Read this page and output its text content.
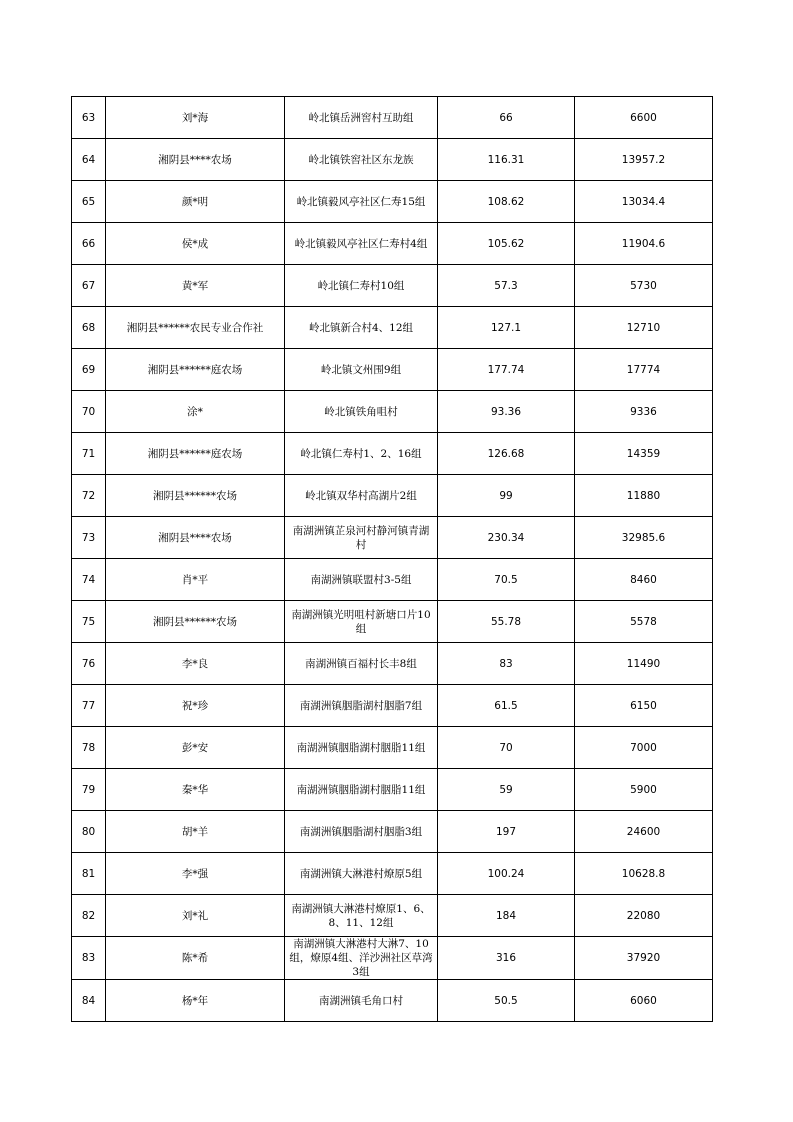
63	刘*海	岭北镇岳洲窖村互助组	66	6600
64	湘阴县****农场	岭北镇铁窖社区东龙族	116.31	13957.2
65	颜*明	岭北镇毅风亭社区仁寿15组	108.62	13034.4
66	侯*成	岭北镇毅风亭社区仁寿村4组	105.62	11904.6
67	黄*军	岭北镇仁寿村10组	57.3	5730
68	湘阴县******农民专业合作社	岭北镇新合村4、12组	127.1	12710
69	湘阴县******庭农场	岭北镇文州围9组	177.74	17774
70	涂*	岭北镇铁角咀村	93.36	9336
71	湘阴县******庭农场	岭北镇仁寿村1、2、16组	126.68	14359
72	湘阴县******农场	岭北镇双华村高湖片2组	99	11880
73	湘阴县****农场	南湖洲镇芷泉河村静河镇青湖村	230.34	32985.6
74	肖*平	南湖洲镇联盟村3-5组	70.5	8460
75	湘阴县******农场	南湖洲镇光明咀村新塘口片10组	55.78	5578
76	李*良	南湖洲镇百福村长丰8组	83	11490
77	祝*珍	南湖洲镇胭脂湖村胭脂7组	61.5	6150
78	彭*安	南湖洲镇胭脂湖村胭脂11组	70	7000
79	秦*华	南湖洲镇胭脂湖村胭脂11组	59	5900
80	胡*羊	南湖洲镇胭脂湖村胭脂3组	197	24600
81	李*强	南湖洲镇大淋港村燎原5组	100.24	10628.8
82	刘*礼	南湖洲镇大淋港村燎原1、6、8、11、12组	184	22080
83	陈*希	南湖洲镇大淋港村大淋7、10组，燎原4组、洋沙洲社区草湾3组	316	37920
84	杨*年	南湖洲镇毛角口村	50.5	6060
